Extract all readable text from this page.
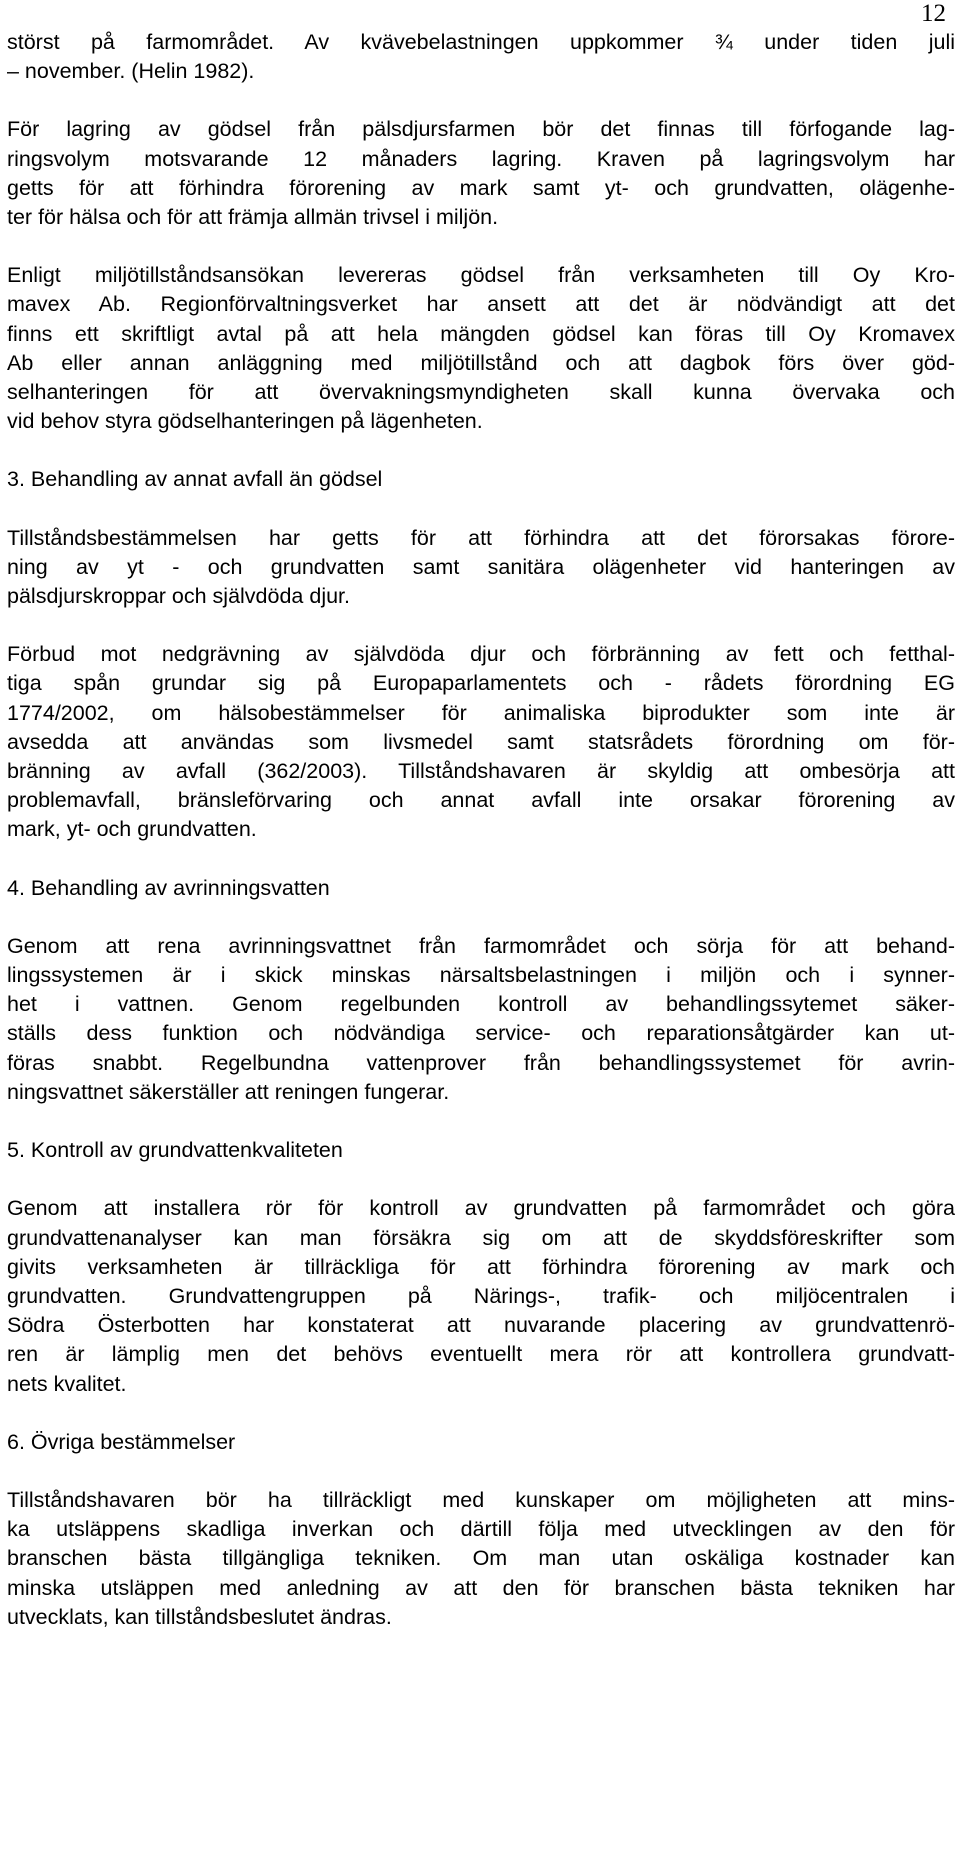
12
störst på farmområdet. Av kvävebelastningen uppkommer ¾ under tiden juli
– november. (Helin 1982).
För lagring av gödsel från pälsdjursfarmen bör det finnas till förfogande lag-
ringsvolym motsvarande 12 månaders lagring. Kraven på lagringsvolym har
getts för att förhindra förorening av mark samt yt- och grundvatten, olägenhe-
ter för hälsa och för att främja allmän trivsel i miljön.
Enligt miljötillståndsansökan levereras gödsel från verksamheten till Oy Kro-
mavex Ab. Regionförvaltningsverket har ansett att det är nödvändigt att det
finns ett skriftligt avtal på att hela mängden gödsel kan föras till Oy Kromavex
Ab eller annan anläggning med miljötillstånd och att dagbok förs över göd-
selhanteringen för att övervakningsmyndigheten skall kunna övervaka och
vid behov styra gödselhanteringen på lägenheten.
3. Behandling av annat avfall än gödsel
Tillståndsbestämmelsen har getts för att förhindra att det förorsakas förore-
ning av yt - och grundvatten samt sanitära olägenheter vid hanteringen av
pälsdjurskroppar och självdöda djur.
Förbud mot nedgrävning av självdöda djur och förbränning av fett och fetthal-
tiga spån grundar sig på Europaparlamentets och - rådets förordning EG
1774/2002, om hälsobestämmelser för animaliska biprodukter som inte är
avsedda att användas som livsmedel samt statsrådets förordning om för-
bränning av avfall (362/2003). Tillståndshavaren är skyldig att ombesörja att
problemavfall, bränsleförvaring och annat avfall inte orsakar förorening av
mark, yt- och grundvatten.
4. Behandling av avrinningsvatten
Genom att rena avrinningsvattnet från farmområdet och sörja för att behand-
lingssystemen är i skick minskas närsaltsbelastningen i miljön och i synner-
het i vattnen. Genom regelbunden kontroll av behandlingssytemet säker-
ställs dess funktion och nödvändiga service- och reparationsåtgärder kan ut-
föras snabbt. Regelbundna vattenprover från behandlingssystemet för avrin-
ningsvattnet säkerställer att reningen fungerar.
5. Kontroll av grundvattenkvaliteten
Genom att installera rör för kontroll av grundvatten på farmområdet och göra
grundvattenanalyser kan man försäkra sig om att de skyddsföreskrifter som
givits verksamheten är tillräckliga för att förhindra förorening av mark och
grundvatten. Grundvattengruppen på Närings-, trafik- och miljöcentralen i
Södra Österbotten har konstaterat att nuvarande placering av grundvattenrö-
ren är lämplig men det behövs eventuellt mera rör att kontrollera grundvatt-
nets kvalitet.
6. Övriga bestämmelser
Tillståndshavaren bör ha tillräckligt med kunskaper om möjligheten att mins-
ka utsläppens skadliga inverkan och därtill följa med utvecklingen av den för
branschen bästa tillgängliga tekniken. Om man utan oskäliga kostnader kan
minska utsläppen med anledning av att den för branschen bästa tekniken har
utvecklats, kan tillståndsbeslutet ändras.
